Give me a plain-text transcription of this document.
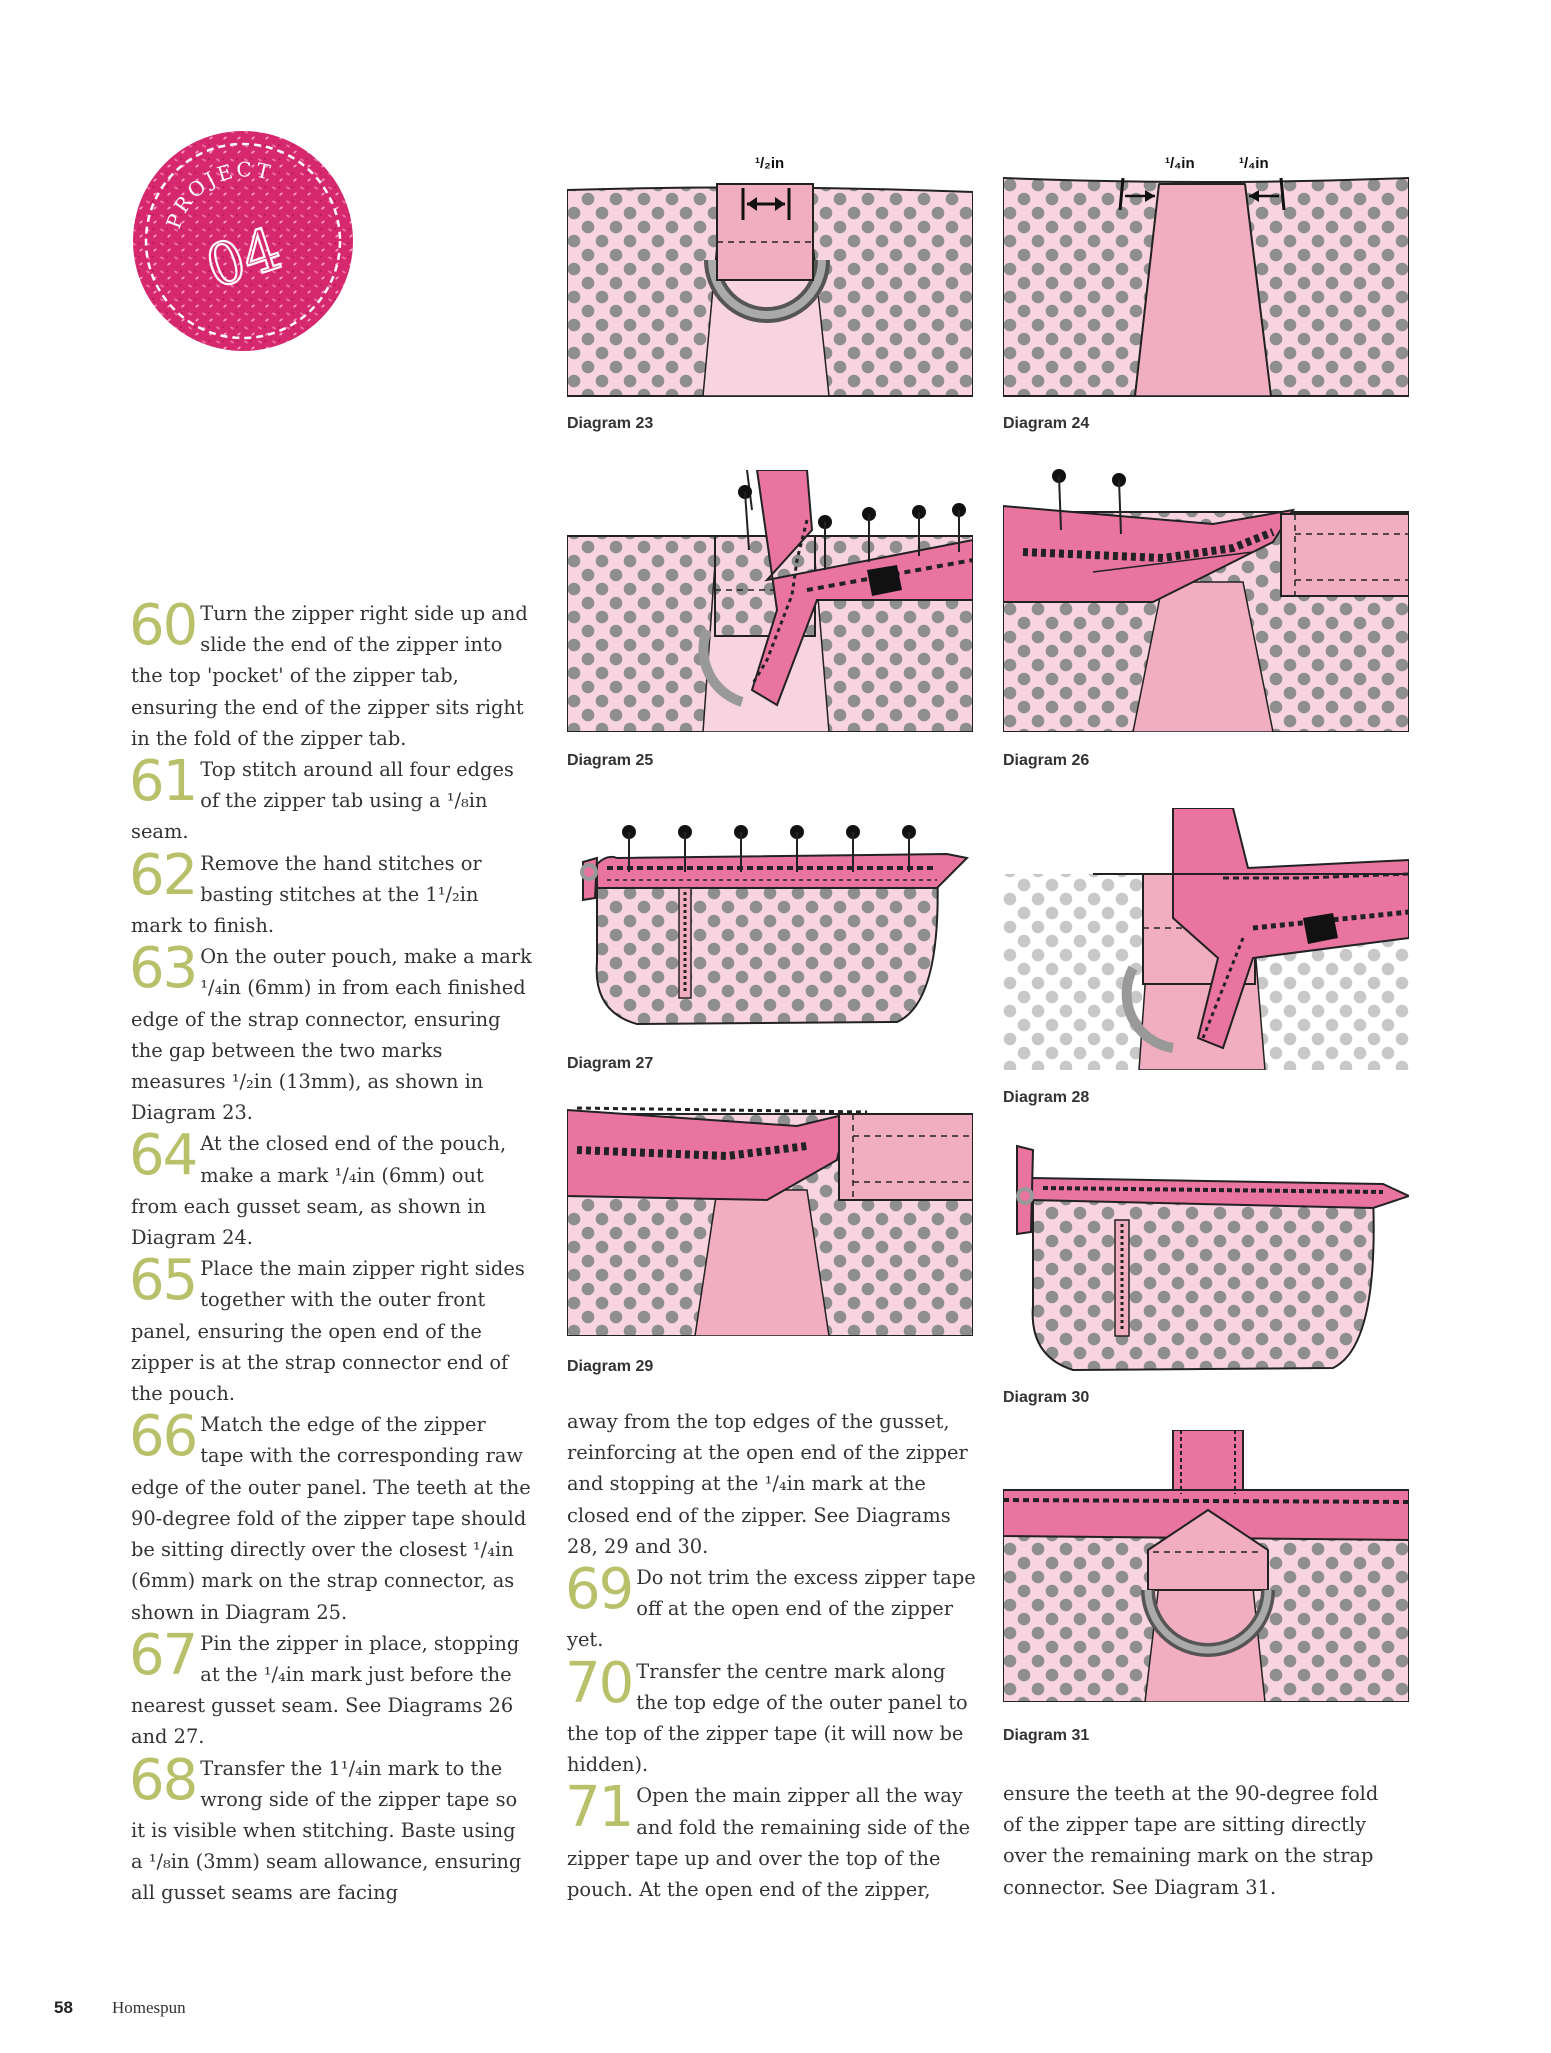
PROJECT
04
¹/₂in
Diagram 23
¹/₄in	¹/₄in
Diagram 24
Diagram 25	Diagram 26
Diagram 27
Diagram 28
Diagram 29
Diagram 30
Diagram 31

60 Turn the zipper right side up and slide the end of the zipper into the top 'pocket' of the zipper tab, ensuring the end of the zipper sits right in the fold of the zipper tab.

61 Top stitch around all four edges of the zipper tab using a ¹/₈in seam.

62 Remove the hand stitches or basting stitches at the 1¹/₂in mark to finish.

63 On the outer pouch, make a mark ¹/₄in (6mm) in from each finished edge of the strap connector, ensuring the gap between the two marks measures ¹/₂in (13mm), as shown in Diagram 23.

64 At the closed end of the pouch, make a mark ¹/₄in (6mm) out from each gusset seam, as shown in Diagram 24.

65 Place the main zipper right sides together with the outer front panel, ensuring the open end of the zipper is at the strap connector end of the pouch.

66 Match the edge of the zipper tape with the corresponding raw edge of the outer panel. The teeth at the 90-degree fold of the zipper tape should be sitting directly over the closest ¹/₄in (6mm) mark on the strap connector, as shown in Diagram 25.

67 Pin the zipper in place, stopping at the ¹/₄in mark just before the nearest gusset seam. See Diagrams 26 and 27.

68 Transfer the 1¹/₄in mark to the wrong side of the zipper tape so it is visible when stitching. Baste using a ¹/₈in (3mm) seam allowance, ensuring all gusset seams are facing

away from the top edges of the gusset, reinforcing at the open end of the zipper and stopping at the ¹/₄in mark at the closed end of the zipper. See Diagrams 28, 29 and 30.

69 Do not trim the excess zipper tape off at the open end of the zipper yet.

70 Transfer the centre mark along the top edge of the outer panel to the top of the zipper tape (it will now be hidden).

71 Open the main zipper all the way and fold the remaining side of the zipper tape up and over the top of the pouch. At the open end of the zipper,

ensure the teeth at the 90-degree fold of the zipper tape are sitting directly over the remaining mark on the strap connector. See Diagram 31.

58 Homespun
